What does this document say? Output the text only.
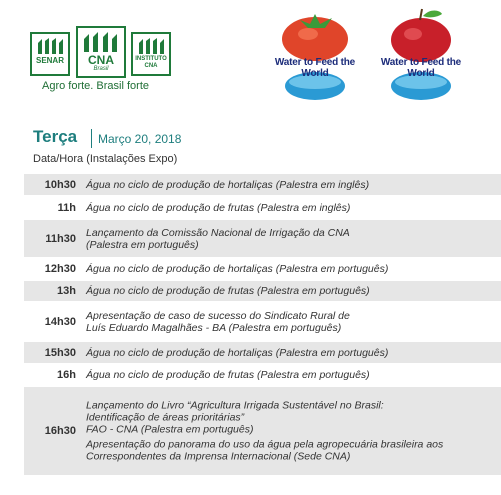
SENAR	CNA
Brasil
INSTITUTO CNA
Agro forte. Brasil forte
Water to Feed the World
Water to Feed the World
Terça Março 20, 2018
Data/Hora (Instalações Expo)
10h30 Água no ciclo de produção de hortaliças (Palestra em inglês)
11h Água no ciclo de produção de frutas (Palestra em inglês)
11h30 Lançamento da Comissão Nacional de Irrigação da CNA
(Palestra em português)
12h30 Água no ciclo de produção de hortaliças (Palestra em português)
13h Água no ciclo de produção de frutas (Palestra em português)
14h30 Apresentação de caso de sucesso do Sindicato Rural de
Luís Eduardo Magalhães - BA (Palestra em português)
15h30 Água no ciclo de produção de hortaliças (Palestra em português)
16h Água no ciclo de produção de frutas (Palestra em português)
16h30
Lançamento do Livro “Agricultura Irrigada Sustentável no Brasil:
Identificação de áreas prioritárias”
FAO - CNA (Palestra em português)
Apresentação do panorama do uso da água pela agropecuária brasileira aos
Correspondentes da Imprensa Internacional (Sede CNA)
